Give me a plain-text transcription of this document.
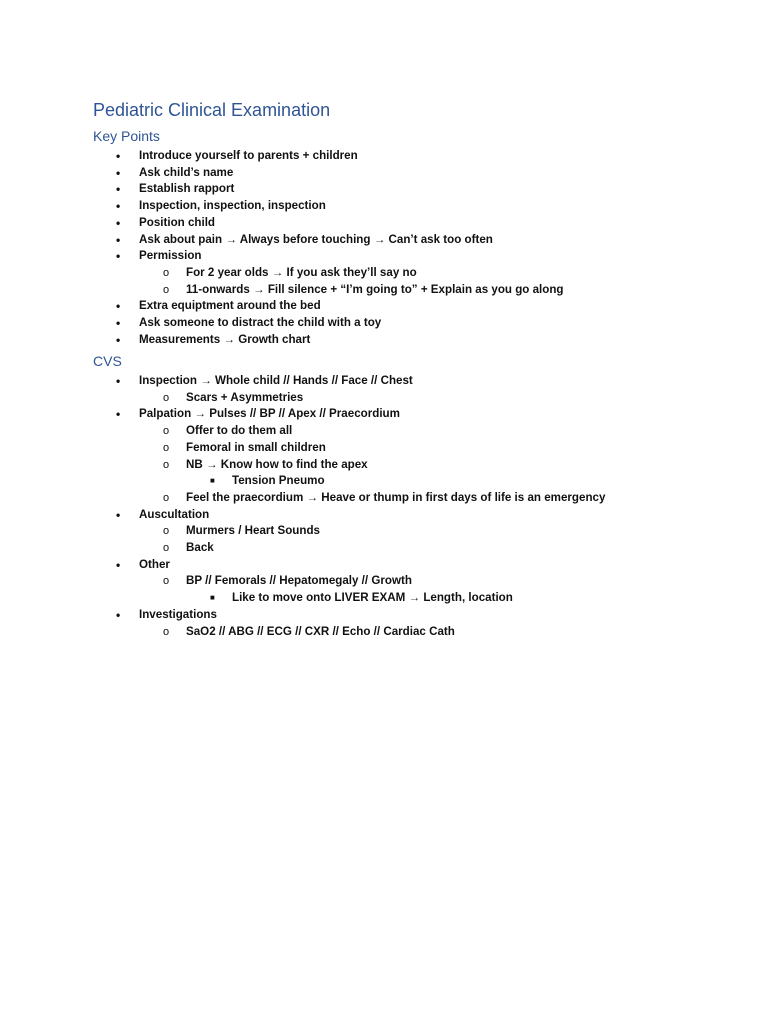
Pediatric Clinical Examination
Key Points
• Introduce yourself to parents + children
• Ask child’s name
• Establish rapport
• Inspection, inspection, inspection
• Position child
• Ask about pain → Always before touching → Can’t ask too often
• Permission
o For 2 year olds → If you ask they’ll say no
o 11-onwards → Fill silence + “I’m going to” + Explain as you go along
• Extra equiptment around the bed
• Ask someone to distract the child with a toy
• Measurements → Growth chart
CVS
• Inspection → Whole child // Hands // Face // Chest
o Scars + Asymmetries
• Palpation → Pulses // BP // Apex // Praecordium
o Offer to do them all
o Femoral in small children
o NB → Know how to find the apex
■ Tension Pneumo
o Feel the praecordium → Heave or thump in first days of life is an emergency
• Auscultation
o Murmers / Heart Sounds
o Back
• Other
o BP // Femorals // Hepatomegaly // Growth
■ Like to move onto LIVER EXAM → Length, location
• Investigations
o SaO2 // ABG // ECG // CXR // Echo // Cardiac Cath
